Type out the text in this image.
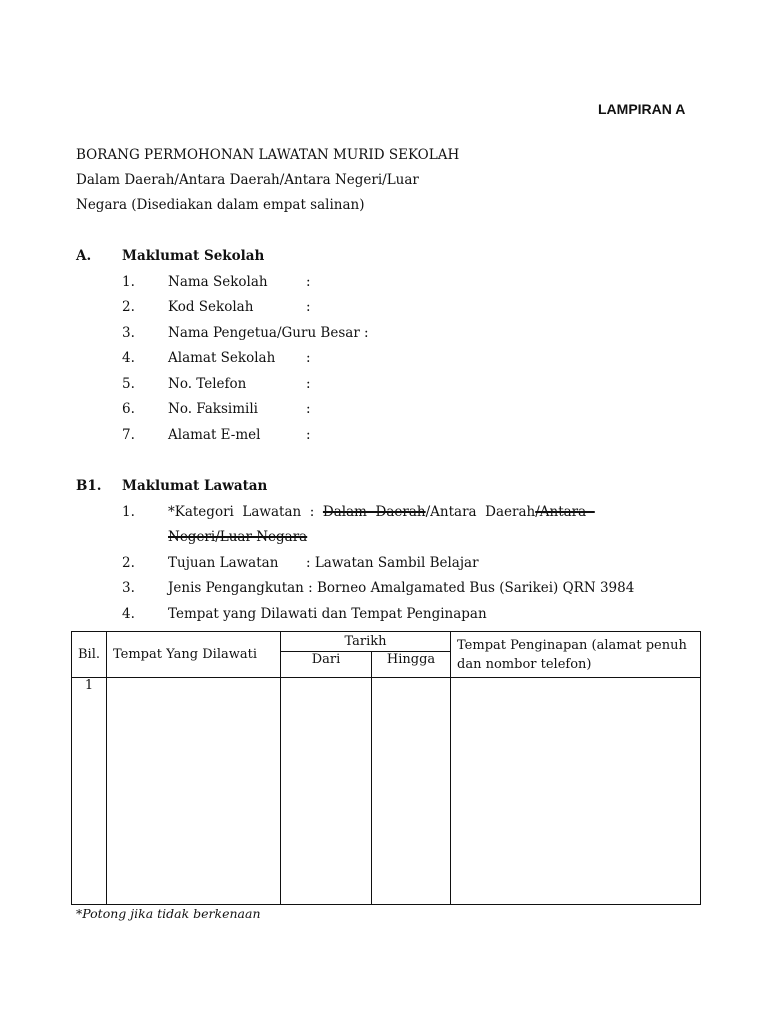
LAMPIRAN A
BORANG PERMOHONAN LAWATAN MURID SEKOLAH
Dalam Daerah/Antara Daerah/Antara Negeri/Luar
Negara (Disediakan dalam empat salinan)
A. Maklumat Sekolah
1. Nama Sekolah	:
2. Kod Sekolah	:
3. Nama Pengetua/Guru Besar :
4. Alamat Sekolah :
5. No. Telefon	:
6. No. Faksimili	:
7. Alamat E-mel	:
B1. Maklumat Lawatan
1. *Kategori  Lawatan  :  Dalam  Daerah/Antara  Daerah/Antara
Negeri/Luar Negara
2. Tujuan Lawatan : Lawatan Sambil Belajar
3. Jenis Pengangkutan : Borneo Amalgamated Bus (Sarikei) QRN 3984
4. Tempat yang Dilawati dan Tempat Penginapan
Bil.	Tempat Yang Dilawati	Tarikh		Tempat Penginapan (alamat penuh dan nombor telefon)

		Dari	Hingga	
1				
*Potong jika tidak berkenaan
